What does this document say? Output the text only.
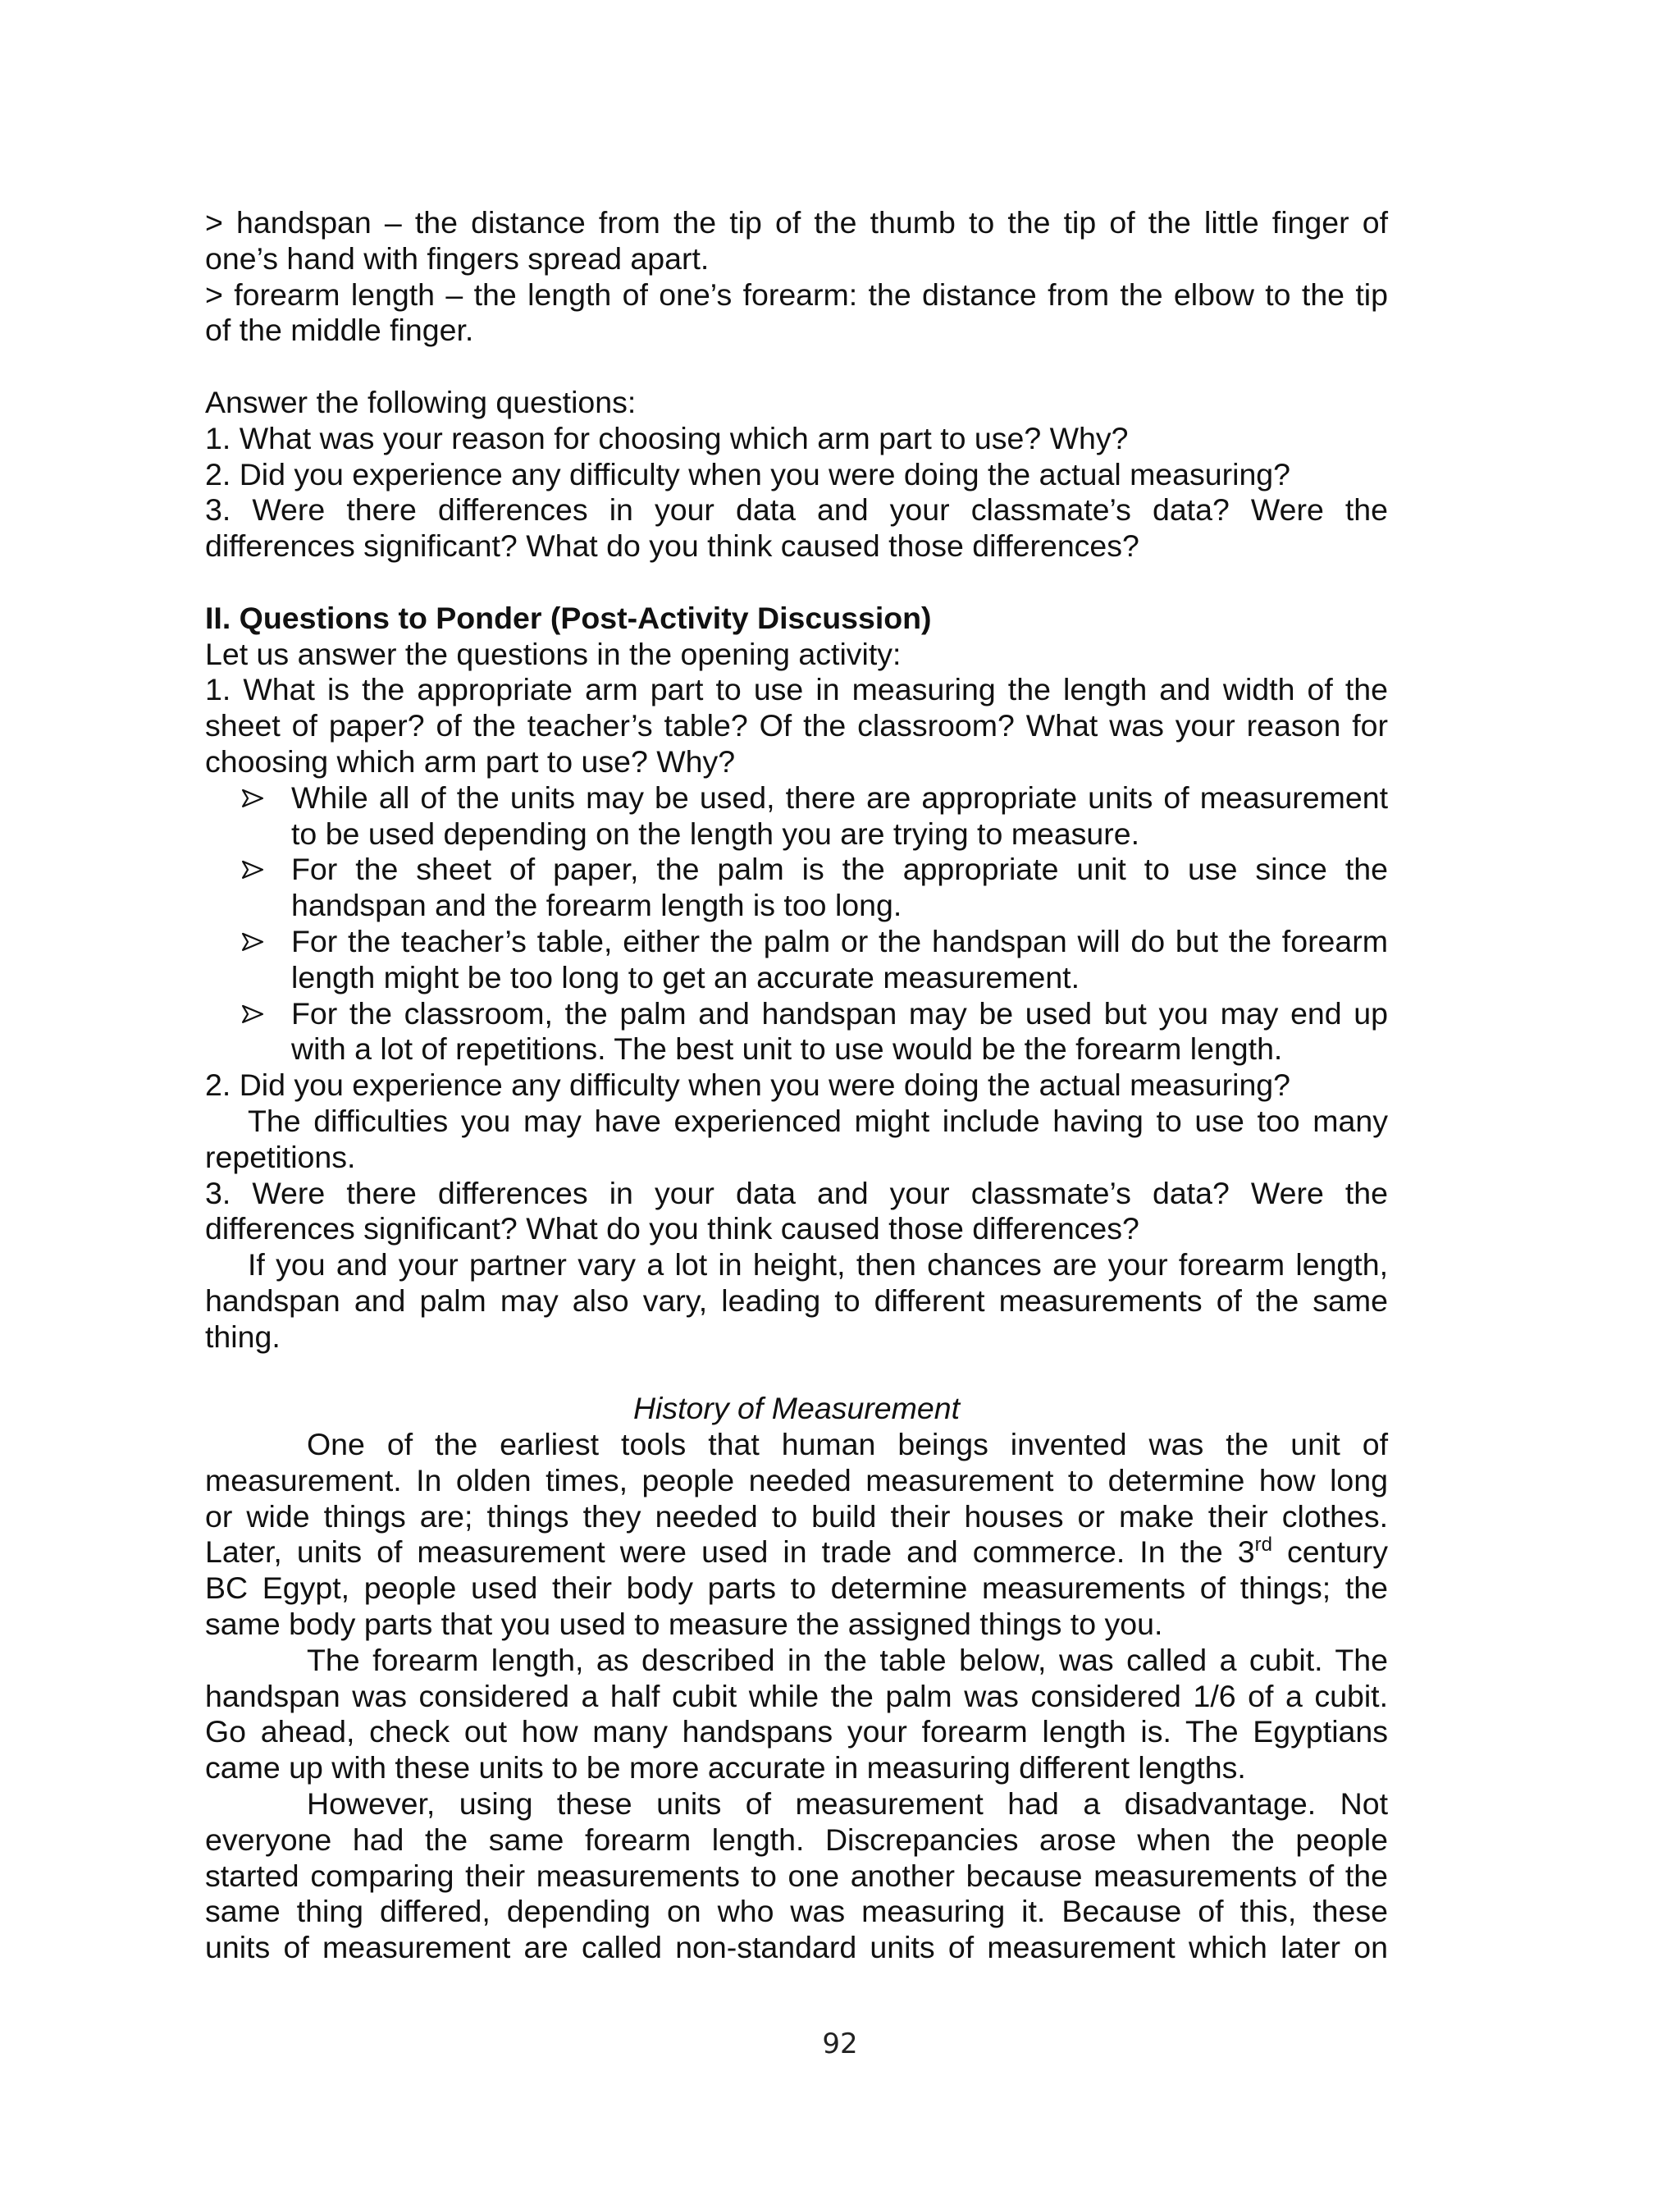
> handspan – the distance from the tip of the thumb to the tip of the little finger of
one’s hand with fingers spread apart.
> forearm length – the length of one’s forearm: the distance from the elbow to the tip
of the middle finger.
Answer the following questions:
1. What was your reason for choosing which arm part to use? Why?
2. Did you experience any difficulty when you were doing the actual measuring?
3. Were there differences in your data and your classmate’s data? Were the
differences significant? What do you think caused those differences?
II. Questions to Ponder (Post-Activity Discussion)
Let us answer the questions in the opening activity:
1. What is the appropriate arm part to use in measuring the length and width of the
sheet of paper? of the teacher’s table? Of the classroom? What was your reason for
choosing which arm part to use? Why?
While all of the units may be used, there are appropriate units of measurement
to be used depending on the length you are trying to measure.
For the sheet of paper, the palm is the appropriate unit to use since the
handspan and the forearm length is too long.
For the teacher’s table, either the palm or the handspan will do but the forearm
length might be too long to get an accurate measurement.
For the classroom, the palm and handspan may be used but you may end up
with a lot of repetitions. The best unit to use would be the forearm length.
2. Did you experience any difficulty when you were doing the actual measuring?
The difficulties you may have experienced might include having to use too many
repetitions.
3. Were there differences in your data and your classmate’s data? Were the
differences significant? What do you think caused those differences?
If you and your partner vary a lot in height, then chances are your forearm length,
handspan and palm may also vary, leading to different measurements of the same
thing.
History of Measurement
One of the earliest tools that human beings invented was the unit of
measurement. In olden times, people needed measurement to determine how long
or wide things are; things they needed to build their houses or make their clothes.
Later, units of measurement were used in trade and commerce. In the 3rd century
BC Egypt, people used their body parts to determine measurements of things; the
same body parts that you used to measure the assigned things to you.
The forearm length, as described in the table below, was called a cubit. The
handspan was considered a half cubit while the palm was considered 1/6 of a cubit.
Go ahead, check out how many handspans your forearm length is. The Egyptians
came up with these units to be more accurate in measuring different lengths.
However, using these units of measurement had a disadvantage. Not
everyone had the same forearm length. Discrepancies arose when the people
started comparing their measurements to one another because measurements of the
same thing differed, depending on who was measuring it. Because of this, these
units of measurement are called non-standard units of measurement which later on
92
